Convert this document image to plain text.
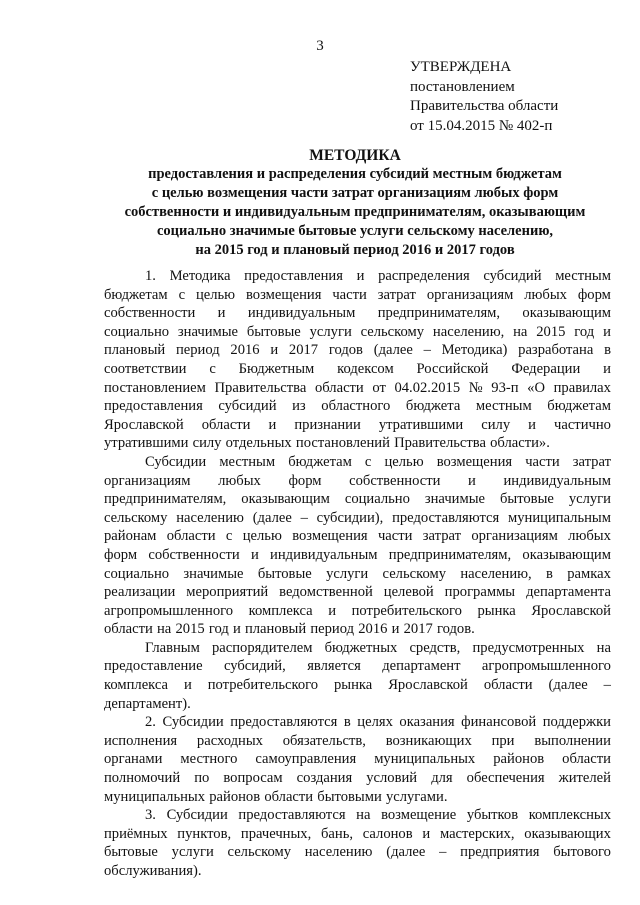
3
УТВЕРЖДЕНА
постановлением
Правительства области
от 15.04.2015 № 402-п
МЕТОДИКА
предоставления и распределения субсидий местным бюджетам
с целью возмещения части затрат организациям любых форм
собственности и индивидуальным предпринимателям, оказывающим
социально значимые бытовые услуги сельскому населению,
на 2015 год и плановый период 2016 и 2017 годов
1. Методика предоставления и распределения субсидий местным
бюджетам с целью возмещения части затрат организациям любых форм
собственности и индивидуальным предпринимателям, оказывающим
социально значимые бытовые услуги сельскому населению, на 2015 год и
плановый период 2016 и 2017 годов (далее – Методика) разработана в
соответствии с Бюджетным кодексом Российской Федерации и
постановлением Правительства области от 04.02.2015 № 93-п «О правилах
предоставления субсидий из областного бюджета местным бюджетам
Ярославской области и признании утратившими силу и частично
утратившими силу отдельных постановлений Правительства области».
Субсидии местным бюджетам с целью возмещения части затрат
организациям любых форм собственности и индивидуальным
предпринимателям, оказывающим социально значимые бытовые услуги
сельскому населению (далее – субсидии), предоставляются муниципальным
районам области с целью возмещения части затрат организациям любых
форм собственности и индивидуальным предпринимателям, оказывающим
социально значимые бытовые услуги сельскому населению, в рамках
реализации мероприятий ведомственной целевой программы департамента
агропромышленного комплекса и потребительского рынка Ярославской
области на 2015 год и плановый период 2016 и 2017 годов.
Главным распорядителем бюджетных средств, предусмотренных на
предоставление субсидий, является департамент агропромышленного
комплекса и потребительского рынка Ярославской области (далее –
департамент).
2. Субсидии предоставляются в целях оказания финансовой поддержки
исполнения расходных обязательств, возникающих при выполнении
органами местного самоуправления муниципальных районов области
полномочий по вопросам создания условий для обеспечения жителей
муниципальных районов области бытовыми услугами.
3. Субсидии предоставляются на возмещение убытков комплексных
приёмных пунктов, прачечных, бань, салонов и мастерских, оказывающих
бытовые услуги сельскому населению (далее – предприятия бытового
обслуживания).
